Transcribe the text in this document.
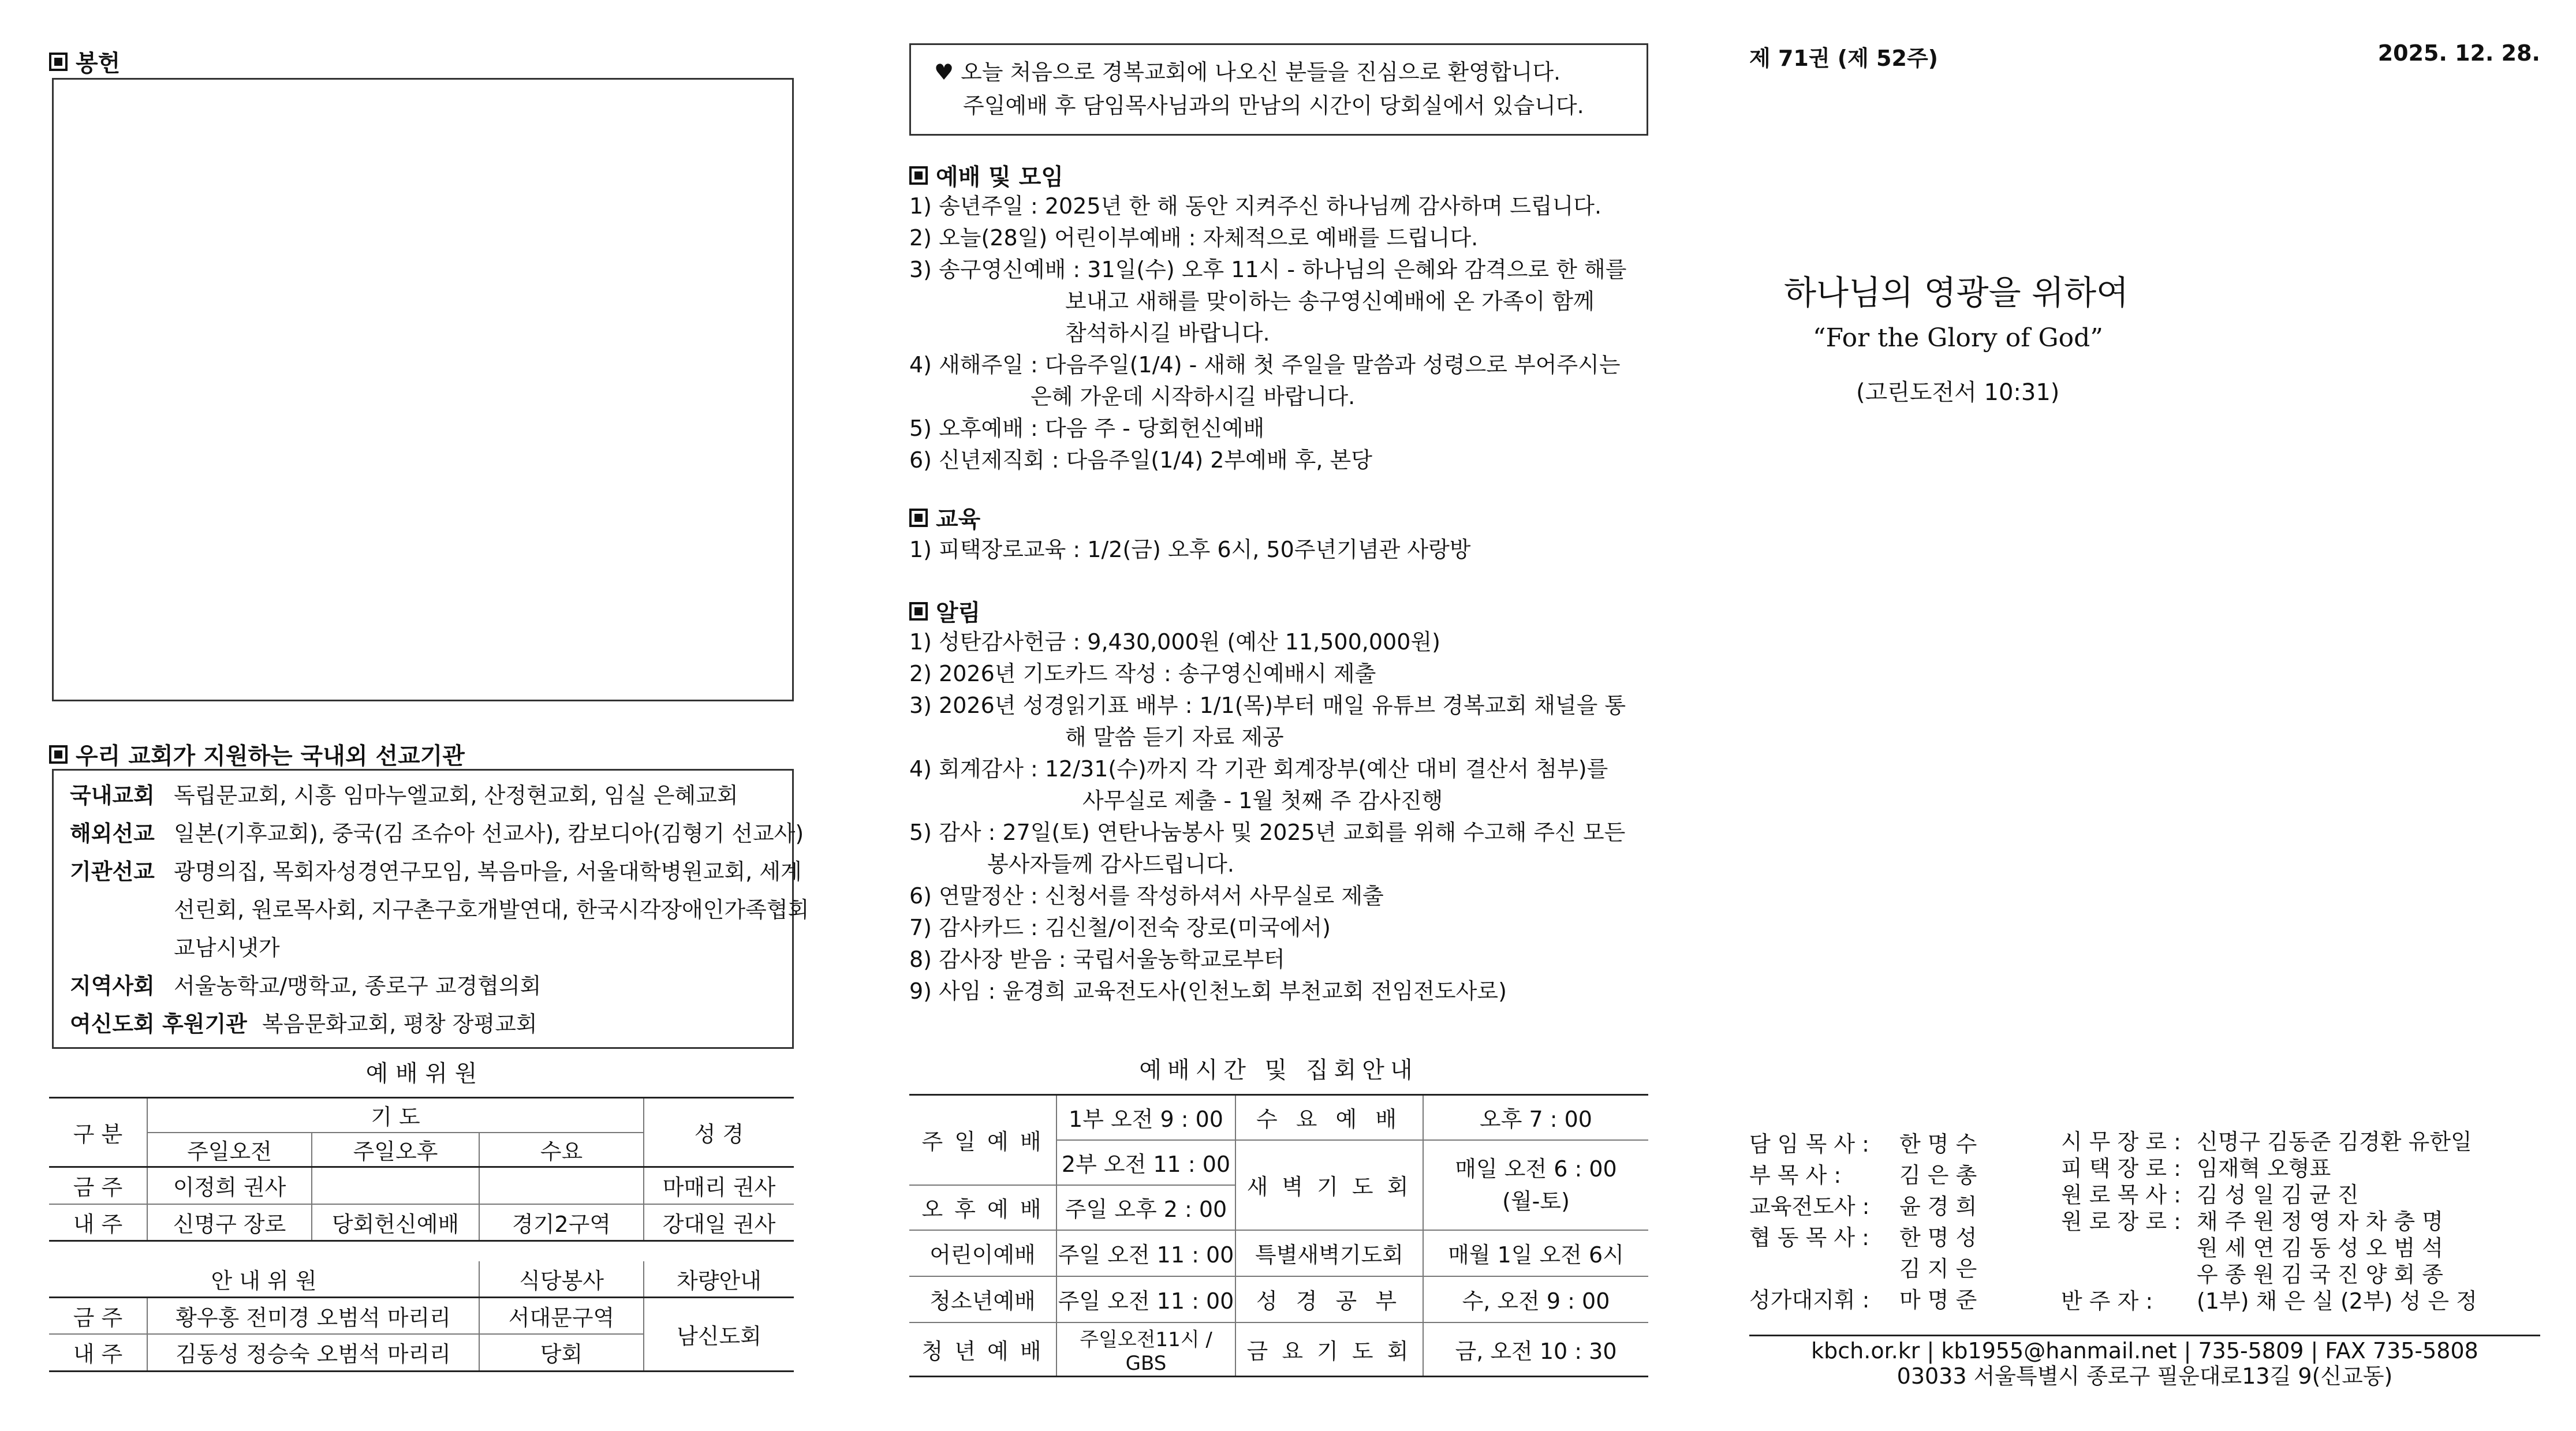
봉헌
우리 교회가 지원하는 국내외 선교기관
국내교회 독립문교회, 시흥 임마누엘교회, 산정현교회, 임실 은혜교회
해외선교 일본(기후교회), 중국(김 조슈아 선교사), 캄보디아(김형기 선교사)
기관선교 광명의집, 목회자성경연구모임, 복음마을, 서울대학병원교회, 세계
선린회, 원로목사회, 지구촌구호개발연대, 한국시각장애인가족협회
교남시냇가
지역사회 서울농학교/맹학교, 종로구 교경협의회
여신도회 후원기관 복음문화교회, 평창 장평교회
예 배 위 원
구 분	기 도			성 경
	주일오전	주일오후	수요	
금 주	이정희 권사			마매리 권사
내 주	신명구 장로	당회헌신예배	경기2구역	강대일 권사
안 내 위 원		식당봉사	차량안내
금 주	황우홍 전미경 오범석 마리리	서대문구역	남신도회
내 주	김동성 정승숙 오범석 마리리	당회	
♥ 오늘 처음으로 경복교회에 나오신 분들을 진심으로 환영합니다.
주일예배 후 담임목사님과의 만남의 시간이 당회실에서 있습니다.
예배 및 모임
1) 송년주일 : 2025년 한 해 동안 지켜주신 하나님께 감사하며 드립니다.
2) 오늘(28일) 어린이부예배 : 자체적으로 예배를 드립니다.
3) 송구영신예배 : 31일(수) 오후 11시 - 하나님의 은혜와 감격으로 한 해를
보내고 새해를 맞이하는 송구영신예배에 온 가족이 함께
참석하시길 바랍니다.
4) 새해주일 : 다음주일(1/4) - 새해 첫 주일을 말씀과 성령으로 부어주시는
은혜 가운데 시작하시길 바랍니다.
5) 오후예배 : 다음 주 - 당회헌신예배
6) 신년제직회 : 다음주일(1/4) 2부예배 후, 본당
교육
1) 피택장로교육 : 1/2(금) 오후 6시, 50주년기념관 사랑방
알림
1) 성탄감사헌금 : 9,430,000원 (예산 11,500,000원)
2) 2026년 기도카드 작성 : 송구영신예배시 제출
3) 2026년 성경읽기표 배부 : 1/1(목)부터 매일 유튜브 경복교회 채널을 통
해 말씀 듣기 자료 제공
4) 회계감사 : 12/31(수)까지 각 기관 회계장부(예산 대비 결산서 첨부)를
사무실로 제출 - 1월 첫째 주 감사진행
5) 감사 : 27일(토) 연탄나눔봉사 및 2025년 교회를 위해 수고해 주신 모든
봉사자들께 감사드립니다.
6) 연말정산 : 신청서를 작성하셔서 사무실로 제출
7) 감사카드 : 김신철/이전숙 장로(미국에서)
8) 감사장 받음 : 국립서울농학교로부터
9) 사임 : 윤경희 교육전도사(인천노회 부천교회 전임전도사로)
예배시간 및 집회안내
주 일 예 배	1부 오전 9 : 00	수 요 예 배	오후 7 : 00
	2부 오전 11 : 00	새 벽 기 도 회	매일 오전 6 : 00
(월-토)

오 후 예 배	주일 오후 2 : 00		
어린이예배	주일 오전 11 : 00	특별새벽기도회	매월 1일 오전 6시
청소년예배	주일 오전 11 : 00	성 경 공 부	수, 오전 9 : 00
청 년 예 배	주일오전11시 / GBS	금 요 기 도 회	금, 오전 10 : 30
제 71권 (제 52주)	2025. 12. 28.
하나님의 영광을 위하여
“For the Glory of God”
(고린도전서 10:31)
담 임 목 사 :	한 명 수
부 목 사 :	김 은 총
교육전도사 :	윤 경 희
협 동 목 사 :	한 명 성
김 지 은
성가대지휘 :	마 명 준
시 무 장 로 : 신명구 김동준 김경환 유한일
피 택 장 로 : 임재혁 오형표
원 로 목 사 : 김 성 일 김 균 진
원 로 장 로 : 채 주 원 정 영 자 차 충 명
원 세 연 김 동 성 오 범 석
우 종 원 김 국 진 양 회 종
반 주 자 :	(1부) 채 은 실 (2부) 성 은 정
kbch.or.kr | kb1955@hanmail.net | 735-5809 | FAX 735-5808
03033 서울특별시 종로구 필운대로13길 9(신교동)
